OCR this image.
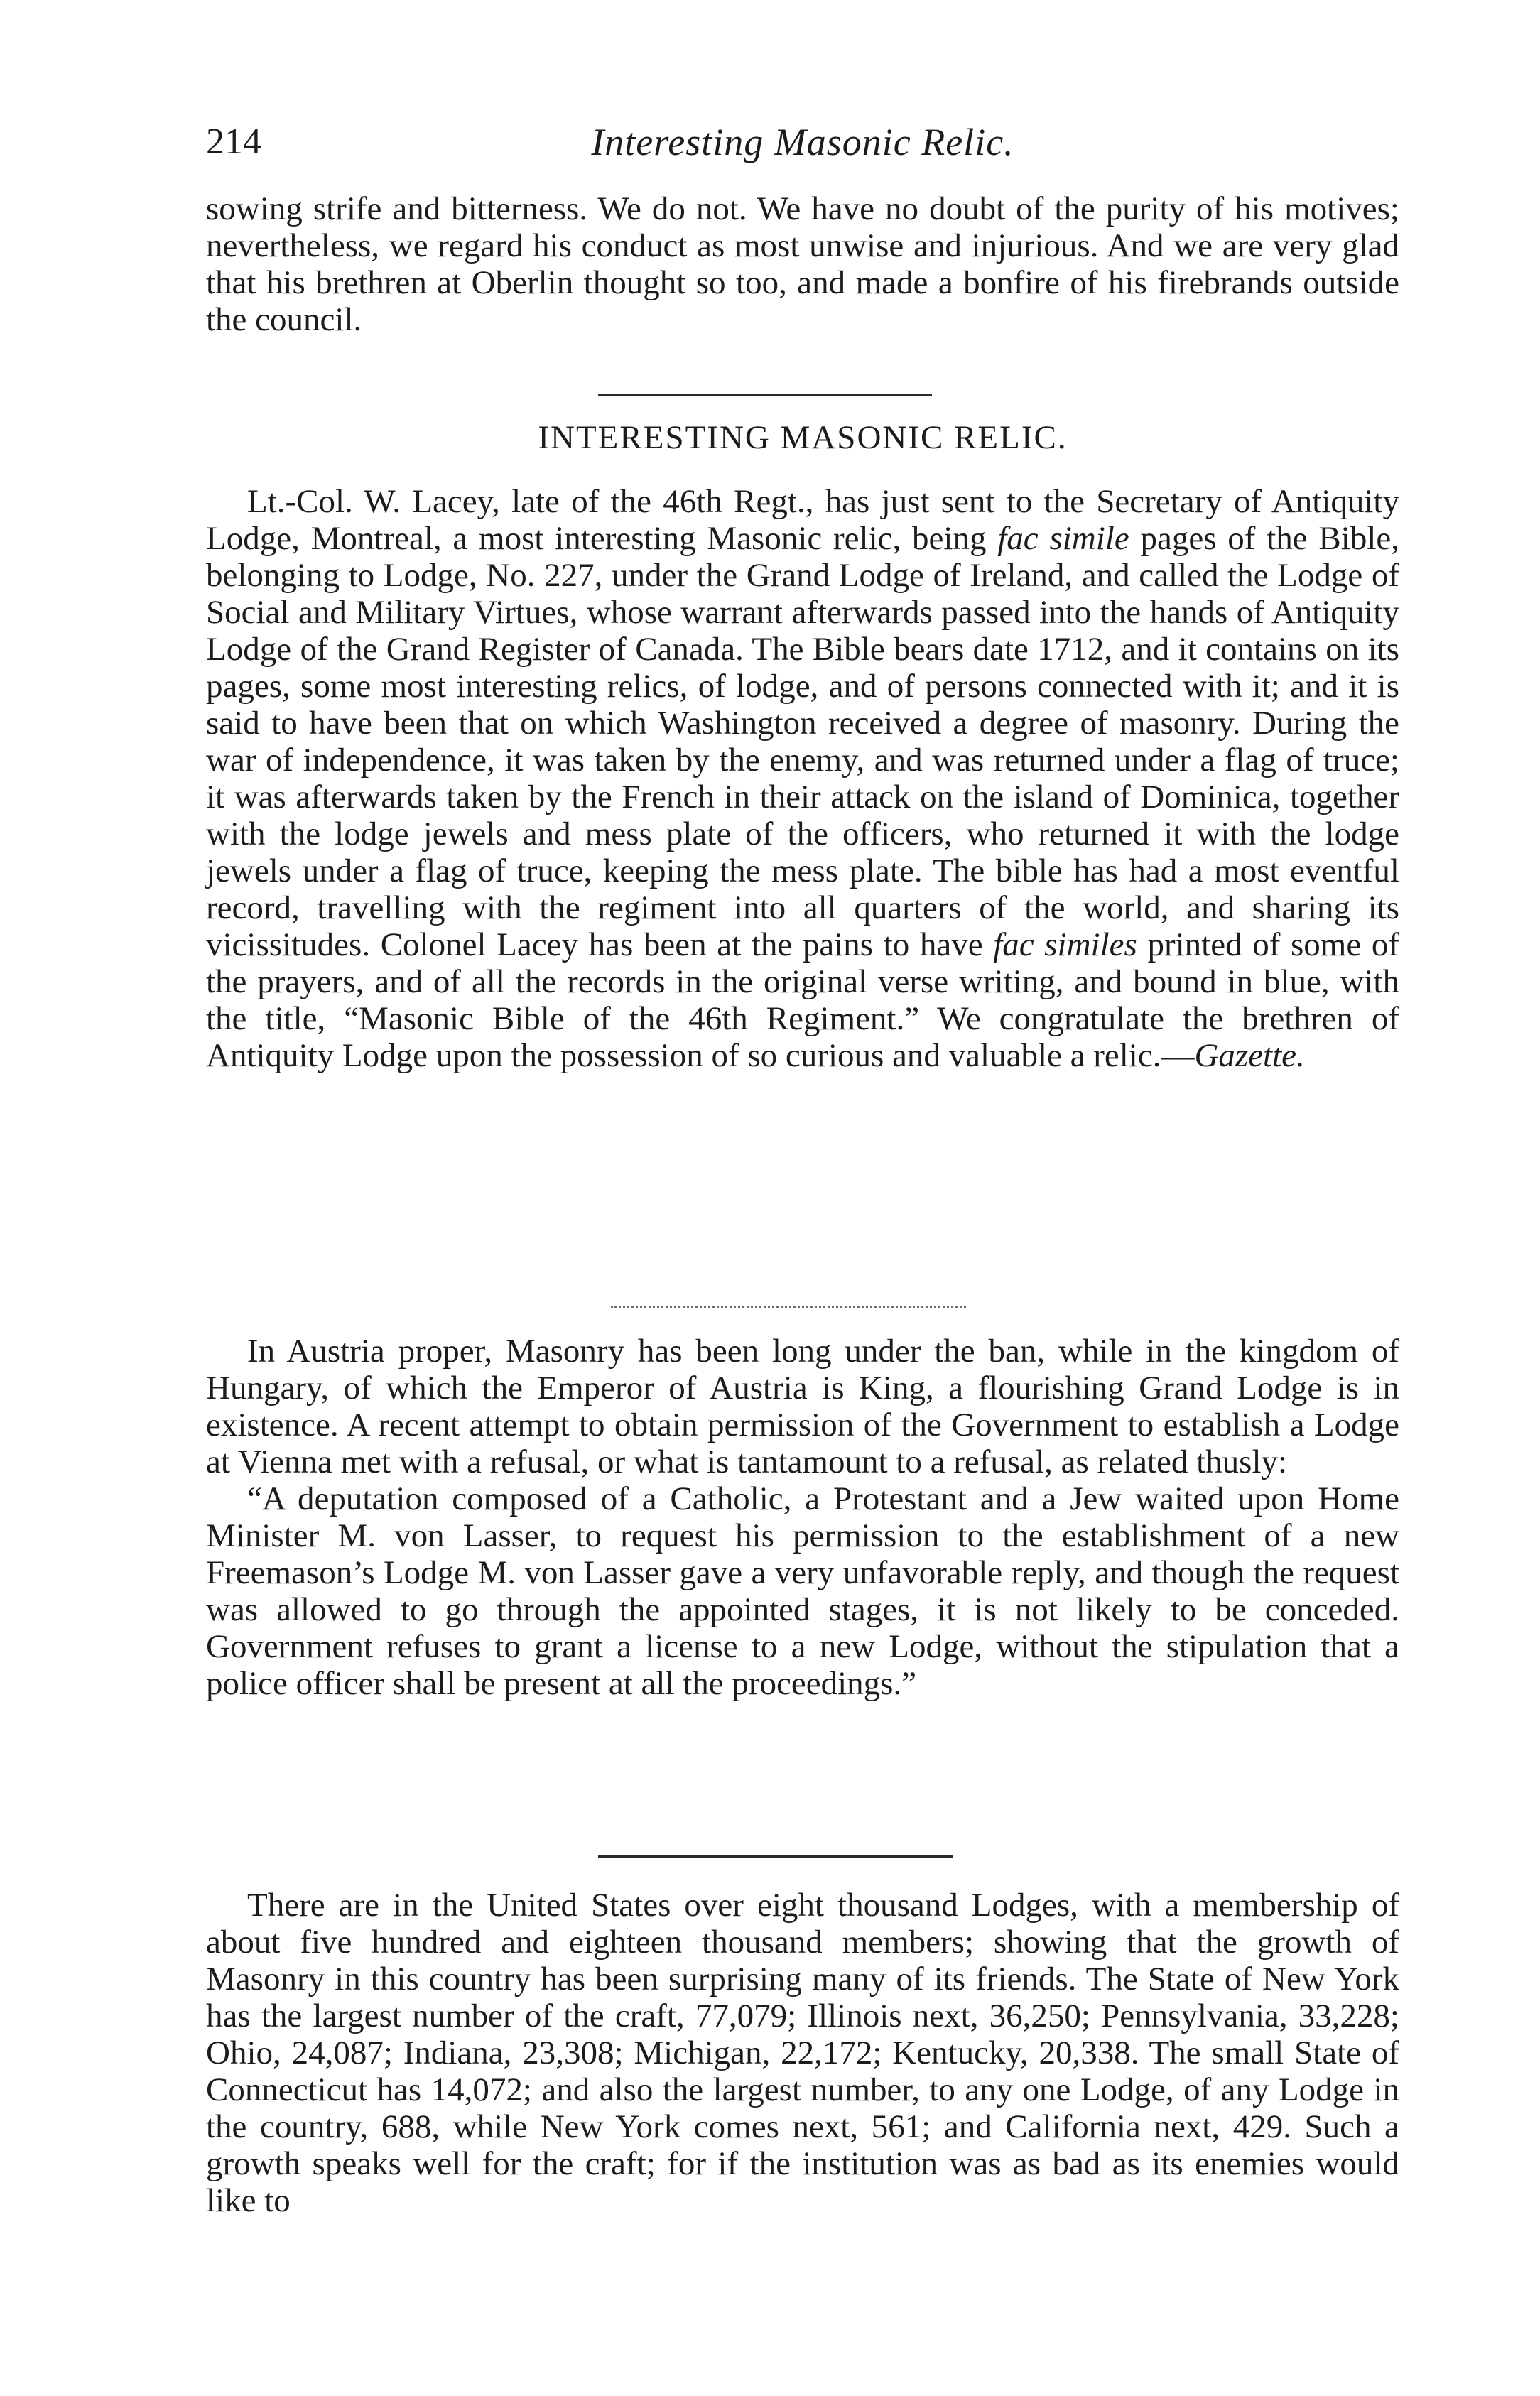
Interesting Masonic Relic.
214

sowing strife and bitterness. We do not. We have no doubt of the purity of his motives; nevertheless, we regard his conduct as most unwise and injurious. And we are very glad that his brethren at Oberlin thought so too, and made a bonfire of his firebrands outside the council.

INTERESTING MASONIC RELIC.

Lt.-Col. W. Lacey, late of the 46th Regt., has just sent to the Secretary of Antiquity Lodge, Montreal, a most interesting Masonic relic, being fac simile pages of the Bible, belonging to Lodge, No. 227, under the Grand Lodge of Ireland, and called the Lodge of Social and Military Virtues, whose warrant afterwards passed into the hands of Antiquity Lodge of the Grand Register of Canada. The Bible bears date 1712, and it contains on its pages, some most interesting relics, of lodge, and of persons connected with it; and it is said to have been that on which Washington received a degree of masonry. During the war of independence, it was taken by the enemy, and was returned under a flag of truce; it was afterwards taken by the French in their attack on the island of Dominica, together with the lodge jewels and mess plate of the officers, who returned it with the lodge jewels under a flag of truce, keeping the mess plate. The bible has had a most eventful record, travelling with the regiment into all quarters of the world, and sharing its vicissitudes. Colonel Lacey has been at the pains to have fac similes printed of some of the prayers, and of all the records in the original verse writing, and bound in blue, with the title, “Masonic Bible of the 46th Regiment.” We congratulate the brethren of Antiquity Lodge upon the possession of so curious and valuable a relic.—Gazette.

In Austria proper, Masonry has been long under the ban, while in the kingdom of Hungary, of which the Emperor of Austria is King, a flourishing Grand Lodge is in existence. A recent attempt to obtain permission of the Government to establish a Lodge at Vienna met with a refusal, or what is tantamount to a refusal, as related thusly:

“A deputation composed of a Catholic, a Protestant and a Jew waited upon Home Minister M. von Lasser, to request his permission to the establishment of a new Freemason’s Lodge M. von Lasser gave a very unfavorable reply, and though the request was allowed to go through the appointed stages, it is not likely to be conceded. Government refuses to grant a license to a new Lodge, without the stipulation that a police officer shall be present at all the proceedings.”

There are in the United States over eight thousand Lodges, with a membership of about five hundred and eighteen thousand members; showing that the growth of Masonry in this country has been surprising many of its friends. The State of New York has the largest number of the craft, 77,079; Illinois next, 36,250; Pennsylvania, 33,228; Ohio, 24,087; Indiana, 23,308; Michigan, 22,172; Kentucky, 20,338. The small State of Connecticut has 14,072; and also the largest number, to any one Lodge, of any Lodge in the country, 688, while New York comes next, 561; and California next, 429. Such a growth speaks well for the craft; for if the institution was as bad as its enemies would like to
